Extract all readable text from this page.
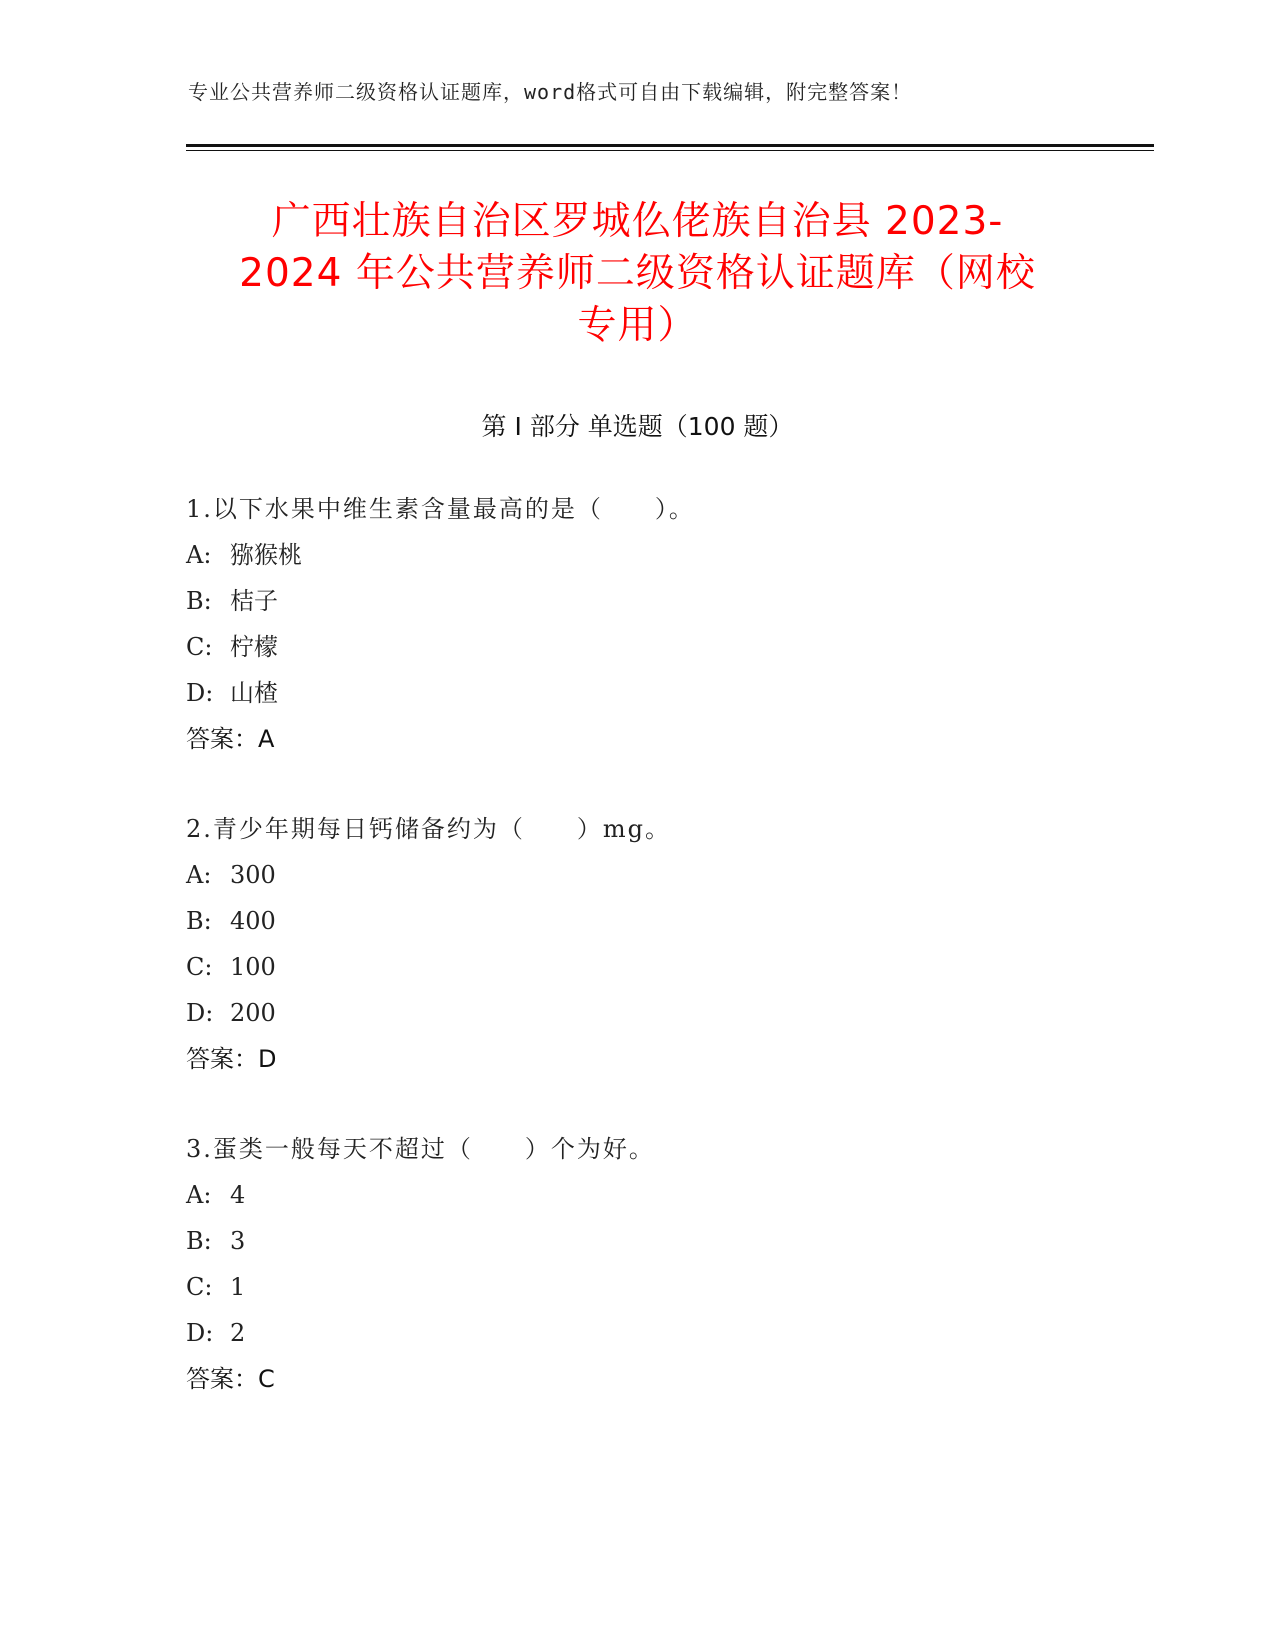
专业公共营养师二级资格认证题库，word格式可自由下载编辑，附完整答案！
广西壮族自治区罗城仫佬族自治县 2023-
2024 年公共营养师二级资格认证题库（网校
专用）
第 I 部分 单选题（100 题）
1.以下水果中维生素含量最高的是（　　）。
A: 猕猴桃
B: 桔子
C: 柠檬
D: 山楂
答案：A
2.青少年期每日钙储备约为（　　）mg。
A: 300
B: 400
C: 100
D: 200
答案：D
3.蛋类一般每天不超过（　　）个为好。
A: 4
B: 3
C: 1
D: 2
答案：C
